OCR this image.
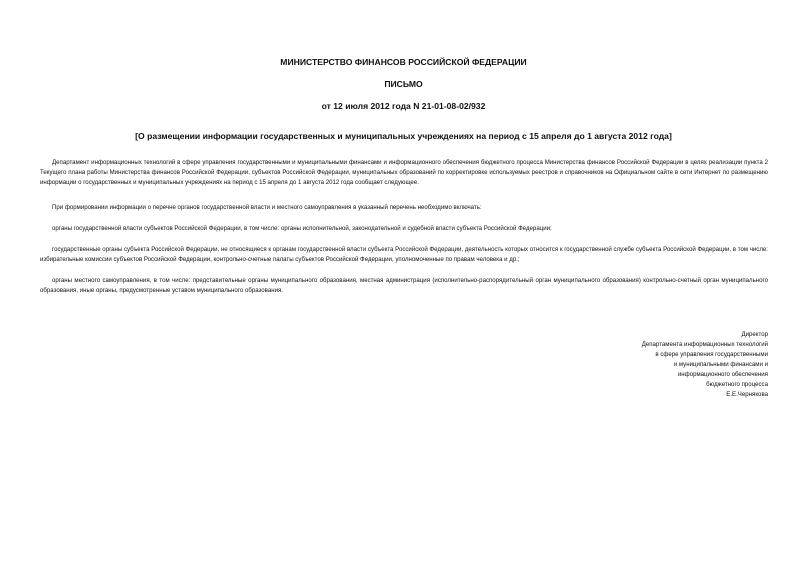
МИНИСТЕРСТВО ФИНАНСОВ РОССИЙСКОЙ ФЕДЕРАЦИИ
ПИСЬМО
от 12 июля 2012 года N 21-01-08-02/932
[О размещении информации государственных и муниципальных учреждениях на период с 15 апреля до 1 августа 2012 года]

Департамент информационных технологий в сфере управления государственными и муниципальными финансами и информационного обеспечения бюджетного процесса Министерства финансов Российской Федерации в целях реализации пункта 2 Текущего плана работы Министерства финансов Российской Федерации, субъектов Российской Федерации, муниципальных образований по корректировке используемых реестров и справочников на Официальном сайте в сети Интернет по размещению информации о государственных и муниципальных учреждениях на период с 15 апреля до 1 августа 2012 года сообщает следующее.

При формировании информации о перечне органов государственной власти и местного самоуправления в указанный перечень необходимо включать:

органы государственной власти субъектов Российской Федерации, в том числе: органы исполнительной, законодательной и судебной власти субъекта Российской Федерации;

государственные органы субъекта Российской Федерации, не относящиеся к органам государственной власти субъекта Российской Федерации, деятельность которых относится к государственной службе субъекта Российской Федерации, в том числе: избирательные комиссии субъектов Российской Федерации, контрольно-счетные палаты субъектов Российской Федерации, уполномоченные по правам человека и др.;

органы местного самоуправления, в том числе: представительные органы муниципального образования, местная администрация (исполнительно-распорядительный орган муниципального образования) контрольно-счетный орган муниципального образования, иные органы, предусмотренные уставом муниципального образования.

Директор
Департамента информационных технологий
в сфере управления государственными
и муниципальными финансами и
информационного обеспечения
бюджетного процесса
Е.Е.Чернякова
